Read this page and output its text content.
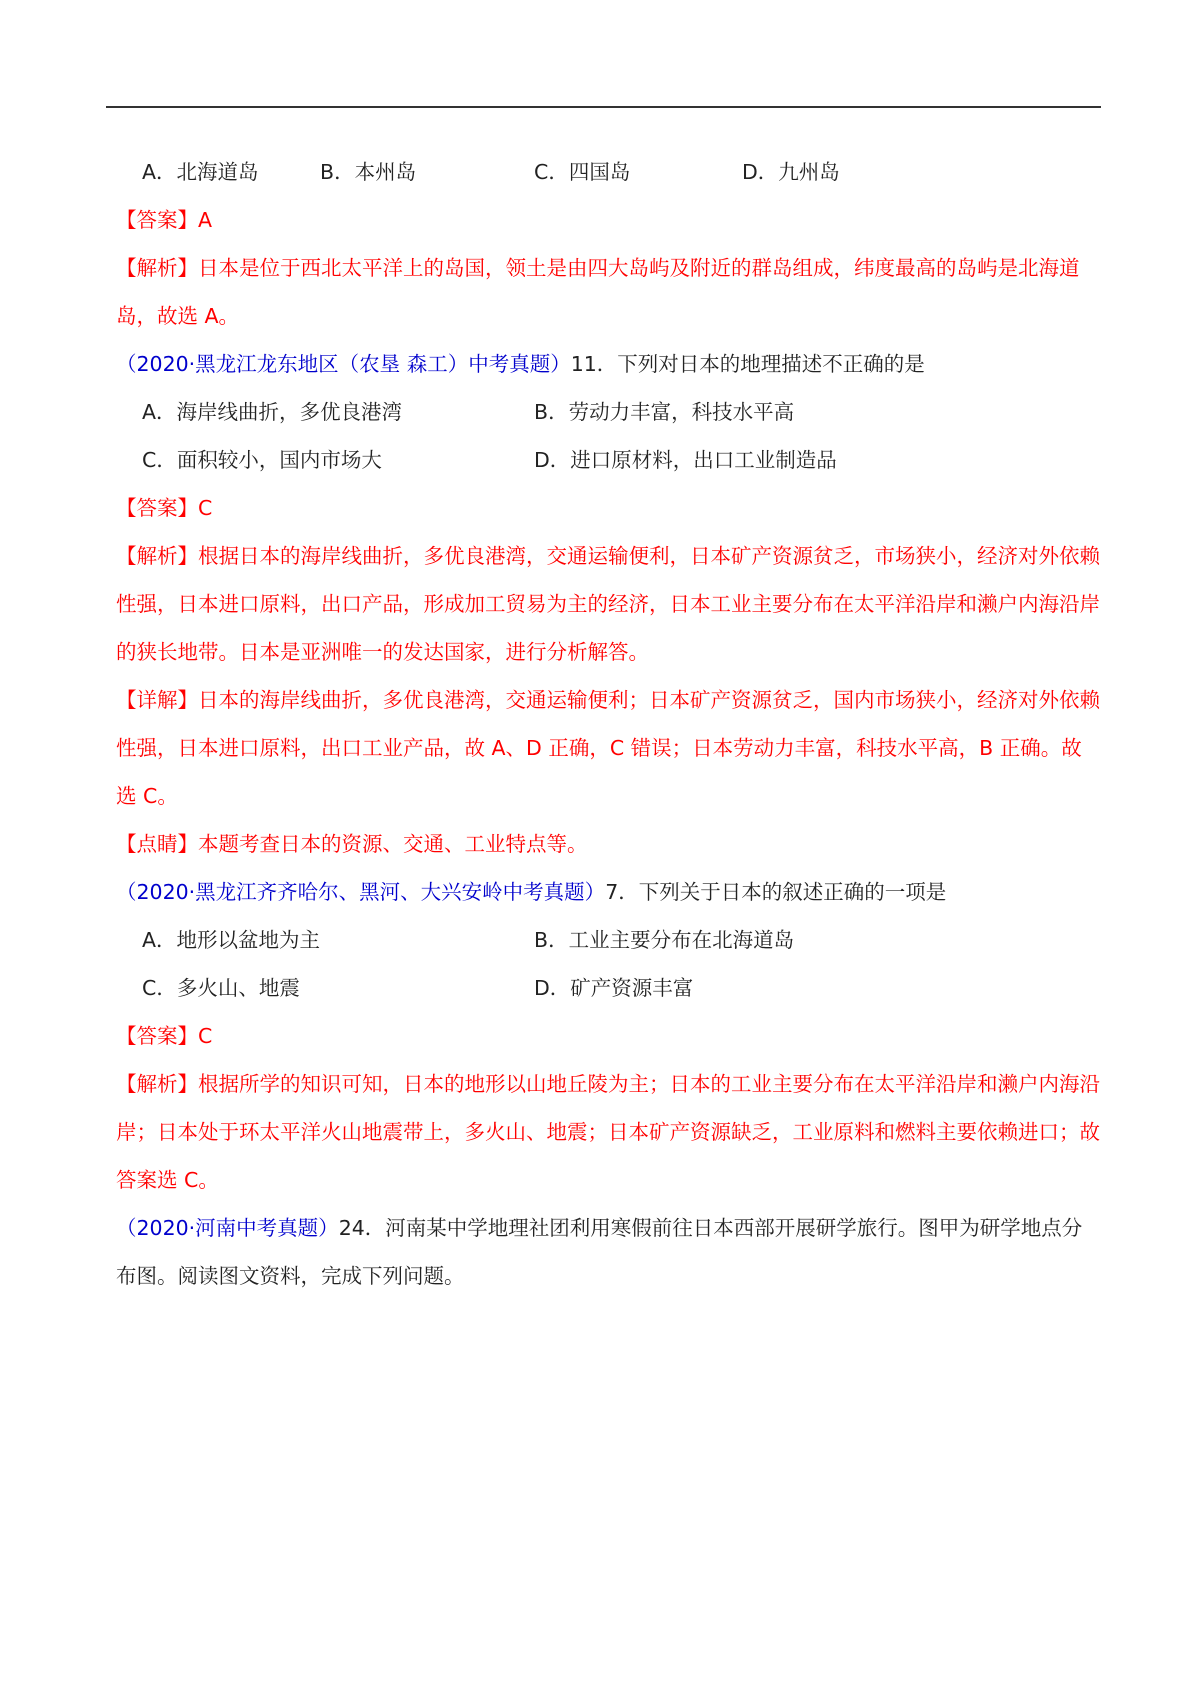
A．北海道岛	B．本州岛	C．四国岛	D．九州岛
【答案】A
【解析】日本是位于西北太平洋上的岛国，领土是由四大岛屿及附近的群岛组成，纬度最高的岛屿是北海道岛，故选 A。
（2020·黑龙江龙东地区（农垦 森工）中考真题）11．下列对日本的地理描述不正确的是
A．海岸线曲折，多优良港湾	B．劳动力丰富，科技水平高
C．面积较小，国内市场大	D．进口原材料，出口工业制造品
【答案】C
【解析】根据日本的海岸线曲折，多优良港湾，交通运输便利，日本矿产资源贫乏，市场狭小，经济对外依赖性强，日本进口原料，出口产品，形成加工贸易为主的经济，日本工业主要分布在太平洋沿岸和濑户内海沿岸的狭长地带。日本是亚洲唯一的发达国家，进行分析解答。
【详解】日本的海岸线曲折，多优良港湾，交通运输便利；日本矿产资源贫乏，国内市场狭小，经济对外依赖性强，日本进口原料，出口工业产品，故 A、D 正确，C 错误；日本劳动力丰富，科技水平高，B 正确。故选 C。
【点睛】本题考查日本的资源、交通、工业特点等。
（2020·黑龙江齐齐哈尔、黑河、大兴安岭中考真题）7．下列关于日本的叙述正确的一项是
A．地形以盆地为主	B．工业主要分布在北海道岛
C．多火山、地震	D．矿产资源丰富
【答案】C
【解析】根据所学的知识可知，日本的地形以山地丘陵为主；日本的工业主要分布在太平洋沿岸和濑户内海沿岸；日本处于环太平洋火山地震带上，多火山、地震；日本矿产资源缺乏，工业原料和燃料主要依赖进口；故答案选 C。
（2020·河南中考真题）24．河南某中学地理社团利用寒假前往日本西部开展研学旅行。图甲为研学地点分布图。阅读图文资料，完成下列问题。
